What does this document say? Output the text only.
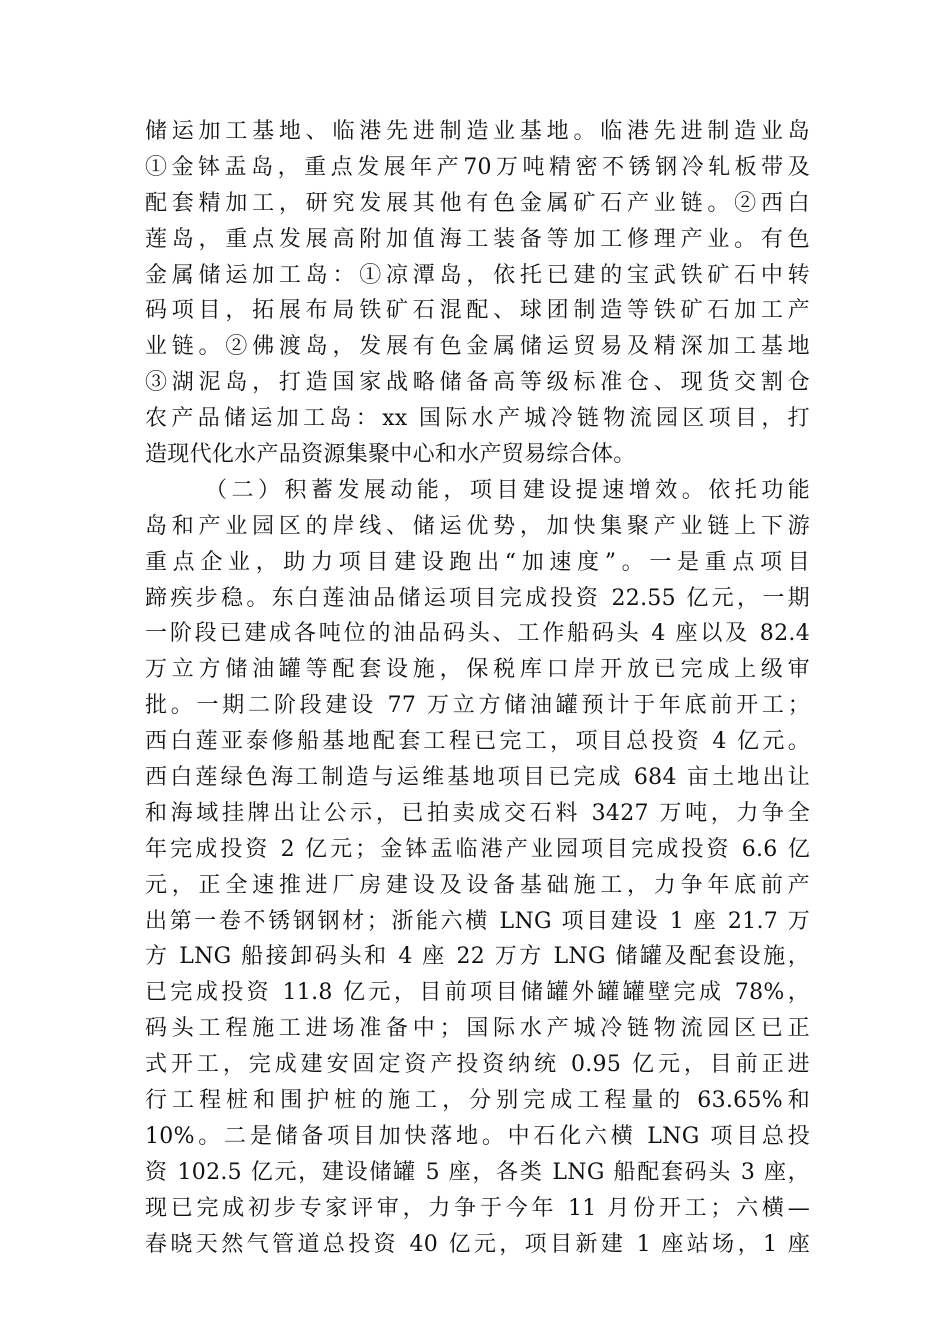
储运加工基地、临港先进制造业基地。临港先进制造业岛
①金钵盂岛，重点发展年产70万吨精密不锈钢冷轧板带及
配套精加工，研究发展其他有色金属矿石产业链。②西白
莲岛，重点发展高附加值海工装备等加工修理产业。有色
金属储运加工岛：①凉潭岛，依托已建的宝武铁矿石中转
码项目，拓展布局铁矿石混配、球团制造等铁矿石加工产
业链。②佛渡岛，发展有色金属储运贸易及精深加工基地
③湖泥岛，打造国家战略储备高等级标准仓、现货交割仓
农产品储运加工岛：xx 国际水产城冷链物流园区项目，打
造现代化水产品资源集聚中心和水产贸易综合体。
（二）积蓄发展动能，项目建设提速增效。依托功能
岛和产业园区的岸线、储运优势，加快集聚产业链上下游
重点企业，助力项目建设跑出“加速度”。一是重点项目
蹄疾步稳。东白莲油品储运项目完成投资 22.55 亿元，一期
一阶段已建成各吨位的油品码头、工作船码头 4 座以及 82.4
万立方储油罐等配套设施，保税库口岸开放已完成上级审
批。一期二阶段建设 77 万立方储油罐预计于年底前开工；
西白莲亚泰修船基地配套工程已完工，项目总投资 4 亿元。
西白莲绿色海工制造与运维基地项目已完成 684 亩土地出让
和海域挂牌出让公示，已拍卖成交石料 3427 万吨，力争全
年完成投资 2 亿元；金钵盂临港产业园项目完成投资 6.6 亿
元，正全速推进厂房建设及设备基础施工，力争年底前产
出第一卷不锈钢钢材；浙能六横 LNG 项目建设 1 座 21.7 万
方 LNG 船接卸码头和 4 座 22 万方 LNG 储罐及配套设施，
已完成投资 11.8 亿元，目前项目储罐外罐罐壁完成 78%，
码头工程施工进场准备中；国际水产城冷链物流园区已正
式开工，完成建安固定资产投资纳统 0.95 亿元，目前正进
行工程桩和围护桩的施工，分别完成工程量的 63.65%和
10%。二是储备项目加快落地。中石化六横 LNG 项目总投
资 102.5 亿元，建设储罐 5 座，各类 LNG 船配套码头 3 座，
现已完成初步专家评审，力争于今年 11 月份开工；六横—
春晓天然气管道总投资 40 亿元，项目新建 1 座站场，1 座
